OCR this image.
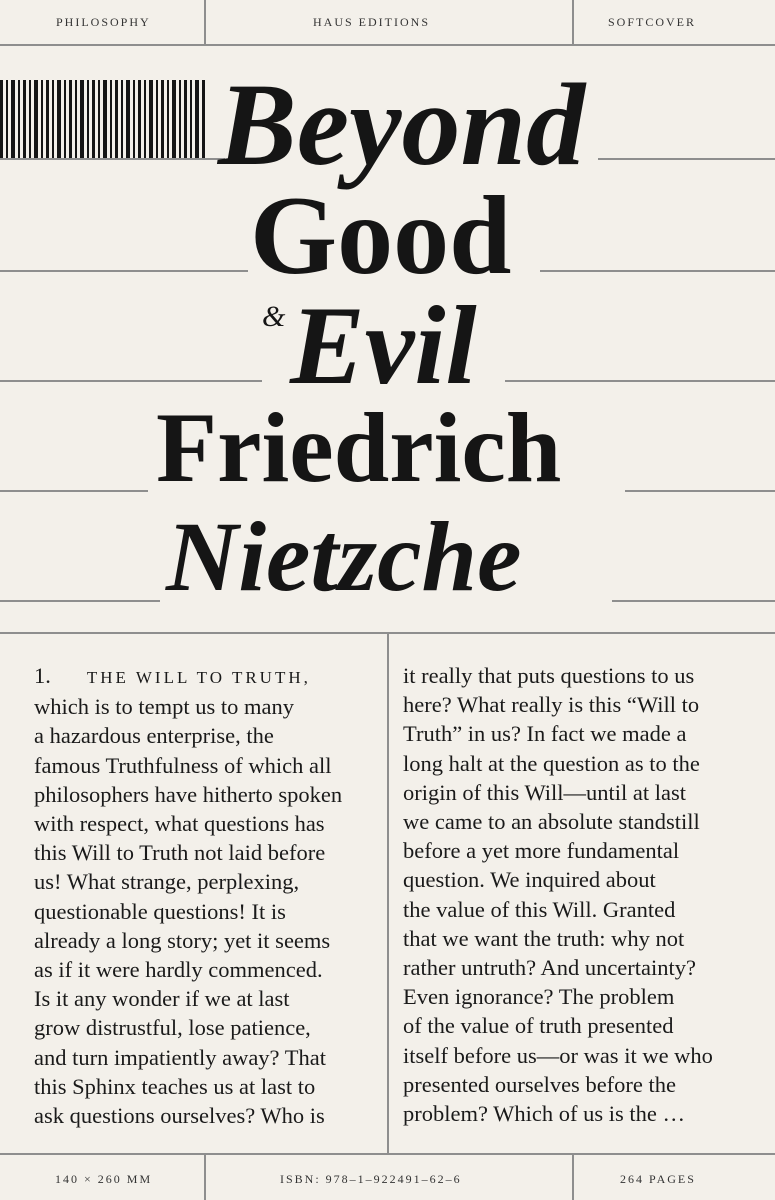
PHILOSOPHY	HAUS EDITIONS	SOFTCOVER
Beyond
Good
& Evil
Friedrich
Nietzche
1. THE WILL TO TRUTH,
which is to tempt us to many
a hazardous enterprise, the
famous Truthfulness of which all
philosophers have hitherto spoken
with respect, what questions has
this Will to Truth not laid before
us! What strange, perplexing,
questionable questions! It is
already a long story; yet it seems
as if it were hardly commenced.
Is it any wonder if we at last
grow distrustful, lose patience,
and turn impatiently away? That
this Sphinx teaches us at last to
ask questions ourselves? Who is
it really that puts questions to us
here? What really is this “Will to
Truth” in us? In fact we made a
long halt at the question as to the
origin of this Will—until at last
we came to an absolute standstill
before a yet more fundamental
question. We inquired about
the value of this Will. Granted
that we want the truth: why not
rather untruth? And uncertainty?
Even ignorance? The problem
of the value of truth presented
itself before us—or was it we who
presented ourselves before the
problem? Which of us is the …
140 × 260 MM	ISBN: 978–1–922491–62–6	264 PAGES
